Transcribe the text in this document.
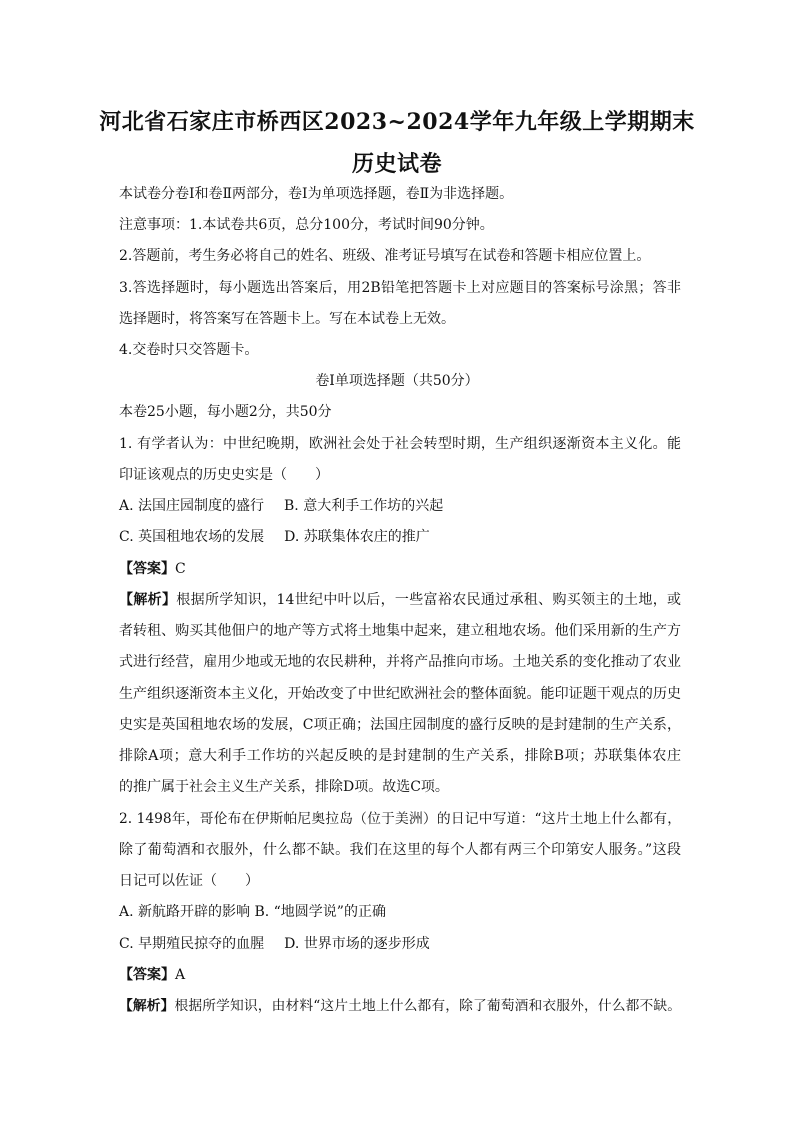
河北省石家庄市桥西区2023~2024学年九年级上学期期末
历史试卷
本试卷分卷Ⅰ和卷Ⅱ两部分，卷Ⅰ为单项选择题，卷Ⅱ为非选择题。
注意事项：1.本试卷共6页，总分100分，考试时间90分钟。
2.答题前，考生务必将自己的姓名、班级、准考证号填写在试卷和答题卡相应位置上。
3.答选择题时，每小题选出答案后，用2B铅笔把答题卡上对应题目的答案标号涂黑；答非
选择题时，将答案写在答题卡上。写在本试卷上无效。
4.交卷时只交答题卡。
卷Ⅰ单项选择题（共50分）
本卷25小题，每小题2分，共50分
1. 有学者认为：中世纪晚期，欧洲社会处于社会转型时期，生产组织逐渐资本主义化。能
印证该观点的历史史实是（　　）
A. 法国庄园制度的盛行 B. 意大利手工作坊的兴起
C. 英国租地农场的发展 D. 苏联集体农庄的推广
【答案】C
【解析】根据所学知识，14世纪中叶以后，一些富裕农民通过承租、购买领主的土地，或
者转租、购买其他佃户的地产等方式将土地集中起来，建立租地农场。他们采用新的生产方
式进行经营，雇用少地或无地的农民耕种，并将产品推向市场。土地关系的变化推动了农业
生产组织逐渐资本主义化，开始改变了中世纪欧洲社会的整体面貌。能印证题干观点的历史
史实是英国租地农场的发展，C项正确；法国庄园制度的盛行反映的是封建制的生产关系，
排除A项；意大利手工作坊的兴起反映的是封建制的生产关系，排除B项；苏联集体农庄
的推广属于社会主义生产关系，排除D项。故选C项。
2. 1498年，哥伦布在伊斯帕尼奥拉岛（位于美洲）的日记中写道：“这片土地上什么都有，
除了葡萄酒和衣服外，什么都不缺。我们在这里的每个人都有两三个印第安人服务。”这段
日记可以佐证（　　）
A. 新航路开辟的影响 B. “地圆学说”的正确
C. 早期殖民掠夺的血腥 D. 世界市场的逐步形成
【答案】A
【解析】根据所学知识，由材料“这片土地上什么都有，除了葡萄酒和衣服外，什么都不缺。
